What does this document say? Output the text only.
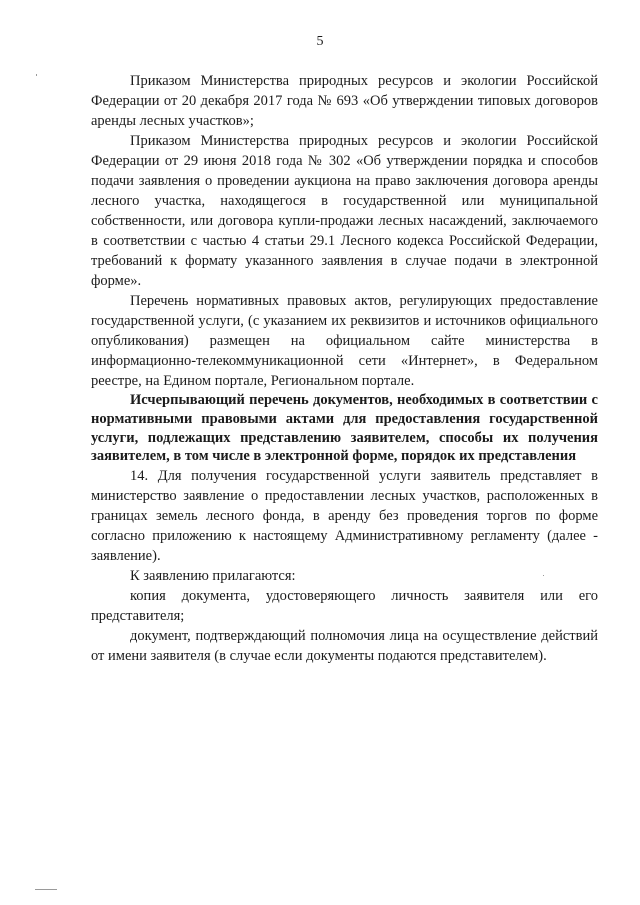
5

Приказом Министерства природных ресурсов и экологии Российской Федерации от 20 декабря 2017 года № 693 «Об утверждении типовых договоров аренды лесных участков»;

Приказом Министерства природных ресурсов и экологии Российской Федерации от 29 июня 2018 года № 302 «Об утверждении порядка и способов подачи заявления о проведении аукциона на право заключения договора аренды лесного участка, находящегося в государственной или муниципальной собственности, или договора купли-продажи лесных насаждений, заключаемого в соответствии с частью 4 статьи 29.1 Лесного кодекса Российской Федерации, требований к формату указанного заявления в случае подачи в электронной форме».

Перечень нормативных правовых актов, регулирующих предоставление государственной услуги, (с указанием их реквизитов и источников официального опубликования) размещен на официальном сайте министерства в информационно-телекоммуникационной сети «Интернет», в Федеральном реестре, на Едином портале, Региональном портале.

Исчерпывающий перечень документов, необходимых в соответствии с нормативными правовыми актами для предоставления государственной услуги, подлежащих представлению заявителем, способы их получения заявителем, в том числе в электронной форме, порядок их представления

14. Для получения государственной услуги заявитель представляет в министерство заявление о предоставлении лесных участков, расположенных в границах земель лесного фонда, в аренду без проведения торгов по форме согласно приложению к настоящему Административному регламенту (далее - заявление).

К заявлению прилагаются:

копия документа, удостоверяющего личность заявителя или его представителя;

документ, подтверждающий полномочия лица на осуществление действий от имени заявителя (в случае если документы подаются представителем).
